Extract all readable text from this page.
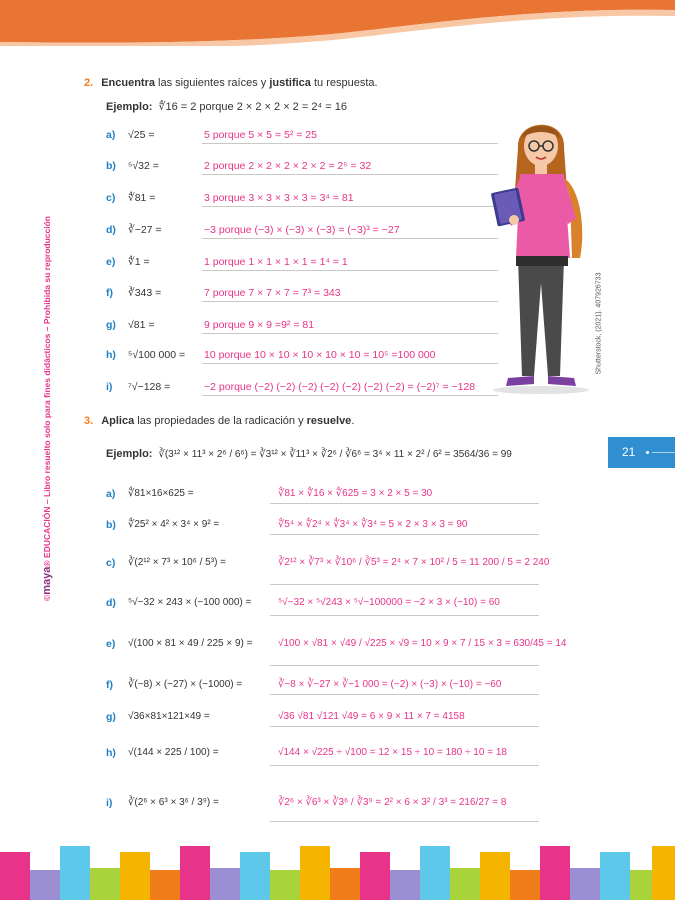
©maya® EDUCACIÓN – Libro resuelto solo para fines didácticos – Prohibida su reproducción
2. Encuentra las siguientes raíces y justifica tu respuesta.
Ejemplo: ∜16 = 2 porque 2 × 2 × 2 × 2 = 2⁴ = 16
a) √25 =	5 porque 5 × 5 = 5² = 25
b) ⁵√32 =	2 porque 2 × 2 × 2 × 2 × 2 = 2⁵ = 32
c) ∜81 =	3 porque 3 × 3 × 3 × 3 = 3⁴ = 81
d) ∛−27 =	−3 porque (−3) × (−3) × (−3) = (−3)³ = −27
e) ∜1 =	1 porque 1 × 1 × 1 × 1 = 1⁴ = 1
f) ∛343 =	7 porque 7 × 7 × 7 = 7³ = 343
g) √81 =	9 porque 9 × 9 =9² = 81
h) ⁵√100 000 = 10 porque 10 × 10 × 10 × 10 × 10 = 10⁵ =100 000
i) ⁷√−128 =	−2 porque (−2) (−2) (−2) (−2) (−2) (−2) (−2) = (−2)⁷ = −128
Shutterstock, (2021). 407926733
3. Aplica las propiedades de la radicación y resuelve.
Ejemplo: ∛(3¹² × 11³ × 2⁶ / 6⁶) = ∛3¹² × ∛11³ × ∛2⁶ / ∛6⁶ = 3⁴ × 11 × 2² / 6² = 3564/36 = 99
a) ∜81×16×625 =	∜81 × ∜16 × ∜625 = 3 × 2 × 5 = 30
b) ∜25² × 4² × 3⁴ × 9² =	∜5⁴ × ∜2⁴ × ∜3⁴ × ∜3⁴ = 5 × 2 × 3 × 3 = 90
c) ∛(2¹² × 7³ × 10⁶ / 5³) =	∛2¹² × ∛7³ × ∛10⁶ / ∛5³ = 2⁴ × 7 × 10² / 5 = 11 200 / 5 = 2 240
d) ⁵√−32 × 243 × (−100 000) =	⁵√−32 × ⁵√243 × ⁵√−100000 = −2 × 3 × (−10) = 60
e) √(100 × 81 × 49 / 225 × 9) =	√100 × √81 × √49 / √225 × √9 = 10 × 9 × 7 / 15 × 3 = 630/45 = 14
f) ∛(−8) × (−27) × (−1000) =	∛−8 × ∛−27 × ∛−1 000 = (−2) × (−3) × (−10) = −60
g) √36×81×121×49 =	√36 √81 √121 √49 = 6 × 9 × 11 × 7 = 4158
h) √(144 × 225 / 100) =	√144 × √225 ÷ √100 = 12 × 15 ÷ 10 = 180 ÷ 10 = 18
i) ∛(2⁶ × 6³ × 3⁶ / 3⁹) =	∛2⁶ × ∛6³ × ∛3⁶ / ∛3⁹ = 2² × 6 × 3² / 3³ = 216/27 = 8
21
